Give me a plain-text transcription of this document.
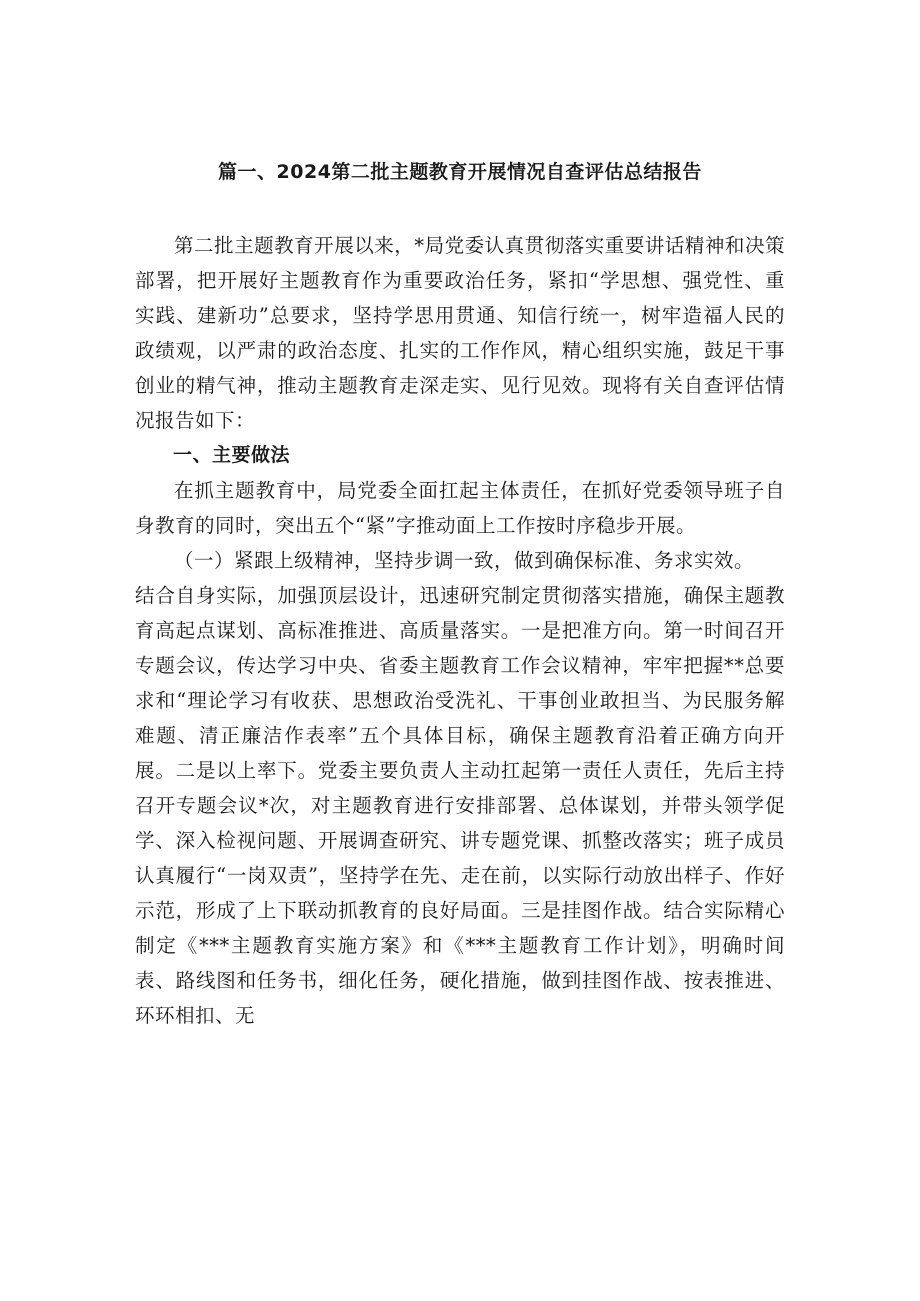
篇一、2024第二批主题教育开展情况自查评估总结报告

第二批主题教育开展以来，*局党委认真贯彻落实重要讲话精神和决策部署，把开展好主题教育作为重要政治任务，紧扣“学思想、强党性、重实践、建新功”总要求，坚持学思用贯通、知信行统一，树牢造福人民的政绩观，以严肃的政治态度、扎实的工作作风，精心组织实施，鼓足干事创业的精气神，推动主题教育走深走实、见行见效。现将有关自查评估情况报告如下：

一、主要做法

在抓主题教育中，局党委全面扛起主体责任，在抓好党委领导班子自身教育的同时，突出五个“紧”字推动面上工作按时序稳步开展。

（一）紧跟上级精神，坚持步调一致，做到确保标准、务求实效。

结合自身实际，加强顶层设计，迅速研究制定贯彻落实措施，确保主题教育高起点谋划、高标准推进、高质量落实。一是把准方向。第一时间召开专题会议，传达学习中央、省委主题教育工作会议精神，牢牢把握**总要求和“理论学习有收获、思想政治受洗礼、干事创业敢担当、为民服务解难题、清正廉洁作表率”五个具体目标，确保主题教育沿着正确方向开展。二是以上率下。党委主要负责人主动扛起第一责任人责任，先后主持召开专题会议*次，对主题教育进行安排部署、总体谋划，并带头领学促学、深入检视问题、开展调查研究、讲专题党课、抓整改落实；班子成员认真履行“一岗双责”，坚持学在先、走在前，以实际行动放出样子、作好示范，形成了上下联动抓教育的良好局面。三是挂图作战。结合实际精心制定《***主题教育实施方案》和《***主题教育工作计划》，明确时间表、路线图和任务书，细化任务，硬化措施，做到挂图作战、按表推进、环环相扣、无
